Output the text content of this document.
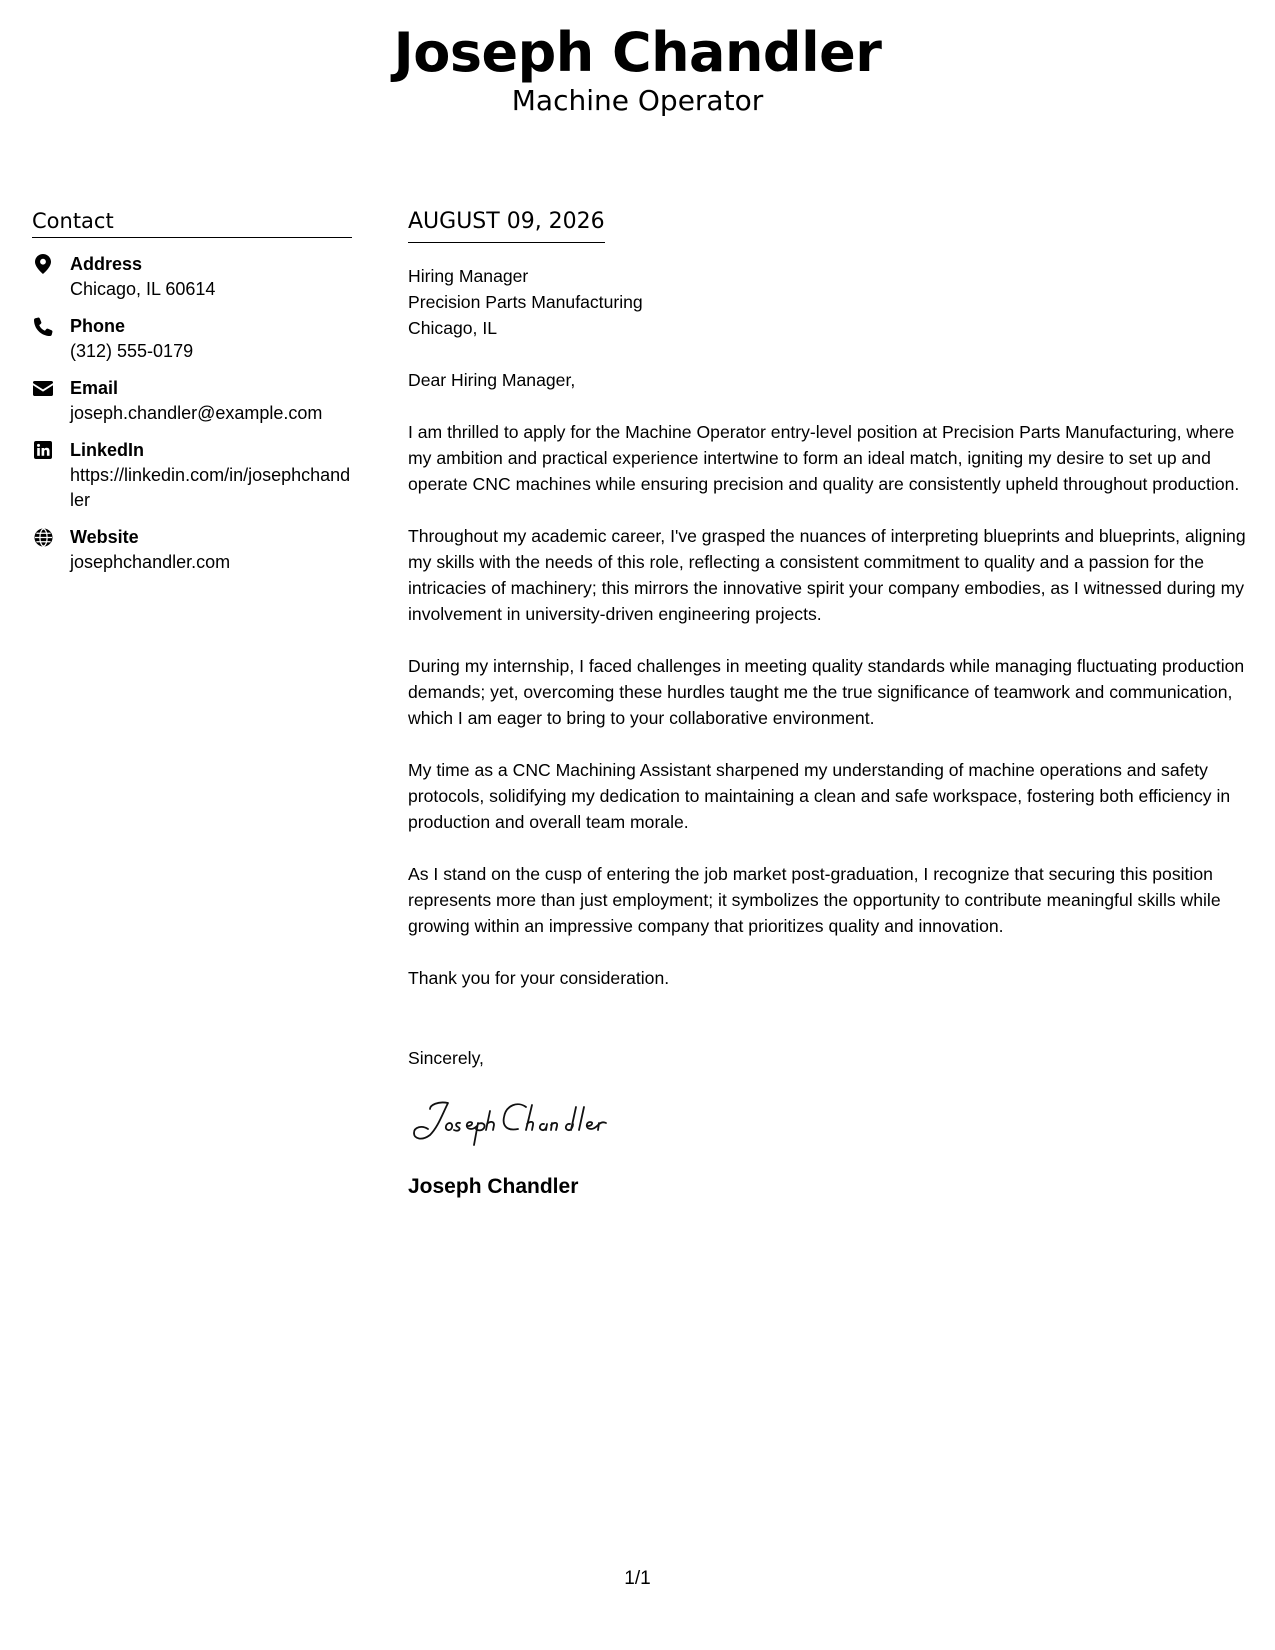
Joseph Chandler
Machine Operator
Contact
Address
Chicago, IL 60614
Phone
(312) 555-0179
Email
joseph.chandler@example.com
LinkedIn
https://linkedin.com/in/josephchandler
Website
josephchandler.com
AUGUST 09, 2026
Hiring Manager
Precision Parts Manufacturing
Chicago, IL
Dear Hiring Manager,

I am thrilled to apply for the Machine Operator entry-level position at Precision Parts Manufacturing, where my ambition and practical experience intertwine to form an ideal match, igniting my desire to set up and operate CNC machines while ensuring precision and quality are consistently upheld throughout production.

Throughout my academic career, I've grasped the nuances of interpreting blueprints and blueprints, aligning my skills with the needs of this role, reflecting a consistent commitment to quality and a passion for the intricacies of machinery; this mirrors the innovative spirit your company embodies, as I witnessed during my involvement in university-driven engineering projects.

During my internship, I faced challenges in meeting quality standards while managing fluctuating production demands; yet, overcoming these hurdles taught me the true significance of teamwork and communication, which I am eager to bring to your collaborative environment.

My time as a CNC Machining Assistant sharpened my understanding of machine operations and safety protocols, solidifying my dedication to maintaining a clean and safe workspace, fostering both efficiency in production and overall team morale.

As I stand on the cusp of entering the job market post-graduation, I recognize that securing this position represents more than just employment; it symbolizes the opportunity to contribute meaningful skills while growing within an impressive company that prioritizes quality and innovation.

Thank you for your consideration.
Sincerely,
Joseph Chandler
1/1
